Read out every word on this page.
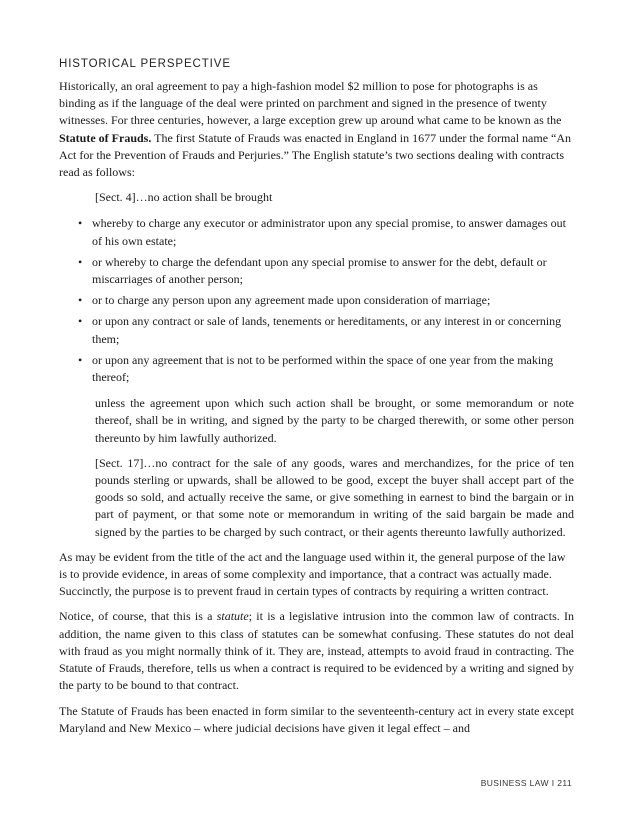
HISTORICAL PERSPECTIVE

Historically, an oral agreement to pay a high-fashion model $2 million to pose for photographs is as binding as if the language of the deal were printed on parchment and signed in the presence of twenty witnesses. For three centuries, however, a large exception grew up around what came to be known as the Statute of Frauds. The first Statute of Frauds was enacted in England in 1677 under the formal name “An Act for the Prevention of Frauds and Perjuries.” The English statute’s two sections dealing with contracts read as follows:

[Sect. 4]…no action shall be brought

• whereby to charge any executor or administrator upon any special promise, to answer damages out of his own estate;
• or whereby to charge the defendant upon any special promise to answer for the debt, default or miscarriages of another person;
• or to charge any person upon any agreement made upon consideration of marriage;
• or upon any contract or sale of lands, tenements or hereditaments, or any interest in or concerning them;
• or upon any agreement that is not to be performed within the space of one year from the making thereof;

unless the agreement upon which such action shall be brought, or some memorandum or note thereof, shall be in writing, and signed by the party to be charged therewith, or some other person thereunto by him lawfully authorized.

[Sect. 17]…no contract for the sale of any goods, wares and merchandizes, for the price of ten pounds sterling or upwards, shall be allowed to be good, except the buyer shall accept part of the goods so sold, and actually receive the same, or give something in earnest to bind the bargain or in part of payment, or that some note or memorandum in writing of the said bargain be made and signed by the parties to be charged by such contract, or their agents thereunto lawfully authorized.

As may be evident from the title of the act and the language used within it, the general purpose of the law is to provide evidence, in areas of some complexity and importance, that a contract was actually made. Succinctly, the purpose is to prevent fraud in certain types of contracts by requiring a written contract.

Notice, of course, that this is a statute; it is a legislative intrusion into the common law of contracts. In addition, the name given to this class of statutes can be somewhat confusing. These statutes do not deal with fraud as you might normally think of it. They are, instead, attempts to avoid fraud in contracting. The Statute of Frauds, therefore, tells us when a contract is required to be evidenced by a writing and signed by the party to be bound to that contract.

The Statute of Frauds has been enacted in form similar to the seventeenth-century act in every state except Maryland and New Mexico – where judicial decisions have given it legal effect – and

BUSINESS LAW I 211
